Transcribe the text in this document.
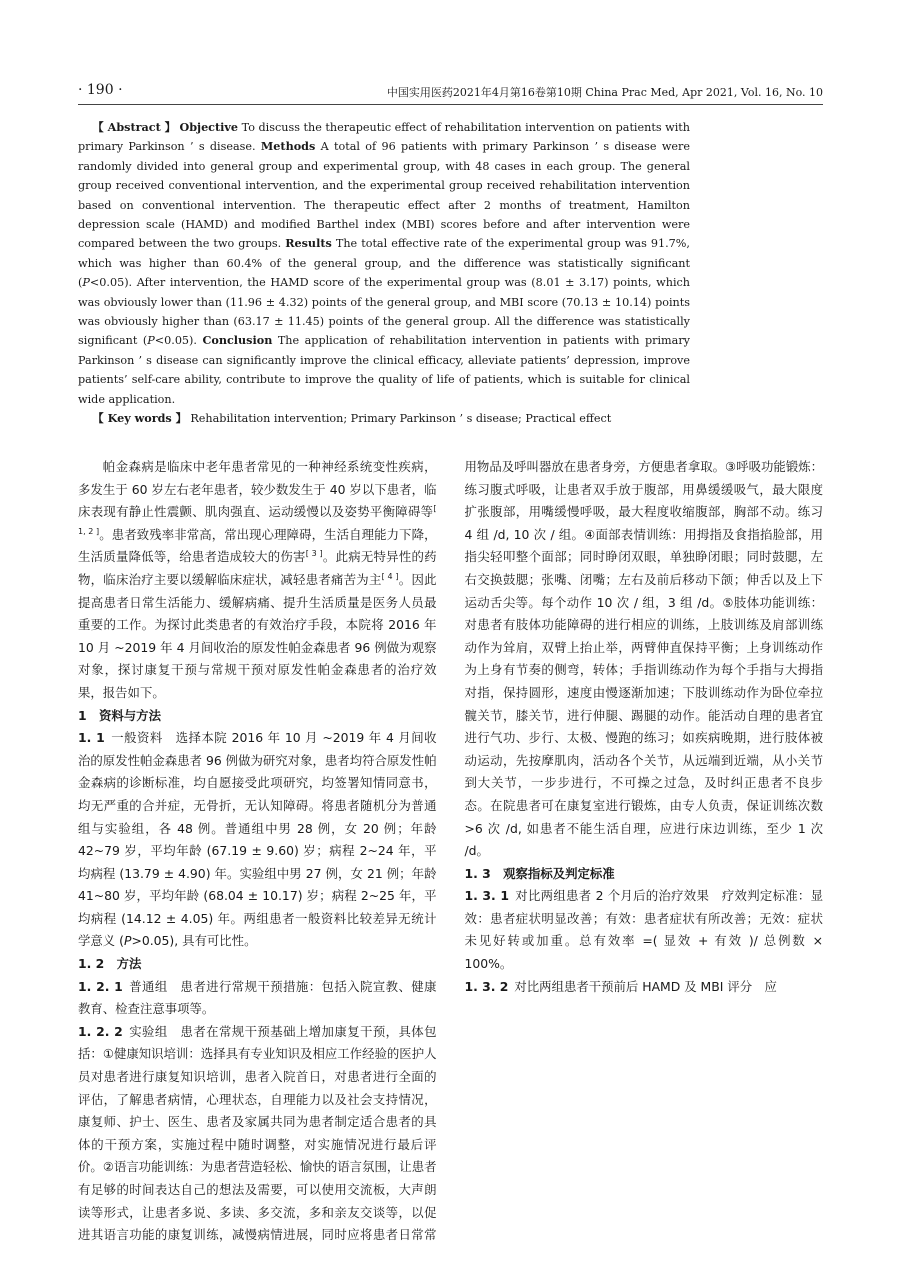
· 190 ·	中国实用医药2021年4月第16卷第10期 China Prac Med, Apr 2021, Vol. 16, No. 10

【 Abstract 】 Objective To discuss the therapeutic effect of rehabilitation intervention on patients with primary Parkinson ’ s disease. Methods A total of 96 patients with primary Parkinson ’ s disease were randomly divided into general group and experimental group, with 48 cases in each group. The general group received conventional intervention, and the experimental group received rehabilitation intervention based on conventional intervention. The therapeutic effect after 2 months of treatment, Hamilton depression scale (HAMD) and modified Barthel index (MBI) scores before and after intervention were compared between the two groups. Results The total effective rate of the experimental group was 91.7%, which was higher than 60.4% of the general group, and the difference was statistically significant (P<0.05). After intervention, the HAMD score of the experimental group was (8.01 ± 3.17) points, which was obviously lower than (11.96 ± 4.32) points of the general group, and MBI score (70.13 ± 10.14) points was obviously higher than (63.17 ± 11.45) points of the general group. All the difference was statistically significant (P<0.05). Conclusion The application of rehabilitation intervention in patients with primary Parkinson ’ s disease can significantly improve the clinical efficacy, alleviate patients’ depression, improve patients’ self-care ability, contribute to improve the quality of life of patients, which is suitable for clinical wide application.

【 Key words 】 Rehabilitation intervention; Primary Parkinson ’ s disease; Practical effect

帕金森病是临床中老年患者常见的一种神经系统变性疾病，多发生于 60 岁左右老年患者，较少数发生于 40 岁以下患者，临床表现有静止性震颤、肌肉强直、运动缓慢以及姿势平衡障碍等[ 1, 2 ]。患者致残率非常高，常出现心理障碍，生活自理能力下降，生活质量降低等，给患者造成较大的伤害[ 3 ]。此病无特异性的药物，临床治疗主要以缓解临床症状，减轻患者痛苦为主[ 4 ]。因此提高患者日常生活能力、缓解病痛、提升生活质量是医务人员最重要的工作。为探讨此类患者的有效治疗手段，本院将 2016 年 10 月 ~2019 年 4 月间收治的原发性帕金森患者 96 例做为观察对象，探讨康复干预与常规干预对原发性帕金森患者的治疗效果，报告如下。

1　资料与方法

1. 1 一般资料　选择本院 2016 年 10 月 ~2019 年 4 月间收治的原发性帕金森患者 96 例做为研究对象，患者均符合原发性帕金森病的诊断标准，均自愿接受此项研究，均签署知情同意书，均无严重的合并症，无骨折，无认知障碍。将患者随机分为普通组与实验组，各 48 例。普通组中男 28 例，女 20 例；年龄 42~79 岁，平均年龄 (67.19 ± 9.60) 岁；病程 2~24 年，平均病程 (13.79 ± 4.90) 年。实验组中男 27 例，女 21 例；年龄 41~80 岁，平均年龄 (68.04 ± 10.17) 岁；病程 2~25 年，平均病程 (14.12 ± 4.05) 年。两组患者一般资料比较差异无统计学意义 (P>0.05), 具有可比性。

1. 2　方法

1. 2. 1 普通组　患者进行常规干预措施：包括入院宣教、健康教育、检查注意事项等。

1. 2. 2 实验组　患者在常规干预基础上增加康复干预，具体包括：①健康知识培训：选择具有专业知识及相应工作经验的医护人员对患者进行康复知识培训，患者入院首日，对患者进行全面的评估，了解患者病情，心理状态，自理能力以及社会支持情况，康复师、护士、医生、患者及家属共同为患者制定适合患者的具体的干预方案，实施过程中随时调整，对实施情况进行最后评价。②语言功能训练：为患者营造轻松、愉快的语言氛围，让患者有足够的时间表达自己的想法及需要，可以使用交流板，大声朗读等形式，让患者多说、多读、多交流，多和亲友交谈等，以促进其语言功能的康复训练，减慢病情进展，同时应将患者日常常用物品及呼叫器放在患者身旁，方便患者拿取。③呼吸功能锻炼：练习腹式呼吸，让患者双手放于腹部，用鼻缓缓吸气，最大限度扩张腹部，用嘴缓慢呼吸，最大程度收缩腹部，胸部不动。练习 4 组 /d, 10 次 / 组。④面部表情训练：用拇指及食指掐脸部，用指尖轻叩整个面部；同时睁闭双眼，单独睁闭眼；同时鼓腮，左右交换鼓腮；张嘴、闭嘴；左右及前后移动下颌；伸舌以及上下运动舌尖等。每个动作 10 次 / 组，3 组 /d。⑤肢体功能训练：对患者有肢体功能障碍的进行相应的训练，上肢训练及肩部训练动作为耸肩，双臂上抬止举，两臂伸直保持平衡；上身训练动作为上身有节奏的侧弯，转体；手指训练动作为每个手指与大拇指对指，保持圆形，速度由慢逐渐加速；下肢训练动作为卧位牵拉髋关节，膝关节，进行伸腿、踢腿的动作。能活动自理的患者宜进行气功、步行、太极、慢跑的练习；如疾病晚期，进行肢体被动运动，先按摩肌肉，活动各个关节，从远端到近端，从小关节到大关节，一步步进行，不可操之过急，及时纠正患者不良步态。在院患者可在康复室进行锻炼，由专人负责，保证训练次数 >6 次 /d, 如患者不能生活自理，应进行床边训练，至少 1 次 /d。

1. 3　观察指标及判定标准

1. 3. 1 对比两组患者 2 个月后的治疗效果　疗效判定标准：显效：患者症状明显改善；有效：患者症状有所改善；无效：症状未见好转或加重。总有效率 =( 显效 + 有效 )/ 总例数 × 100%。

1. 3. 2 对比两组患者干预前后 HAMD 及 MBI 评分　应
